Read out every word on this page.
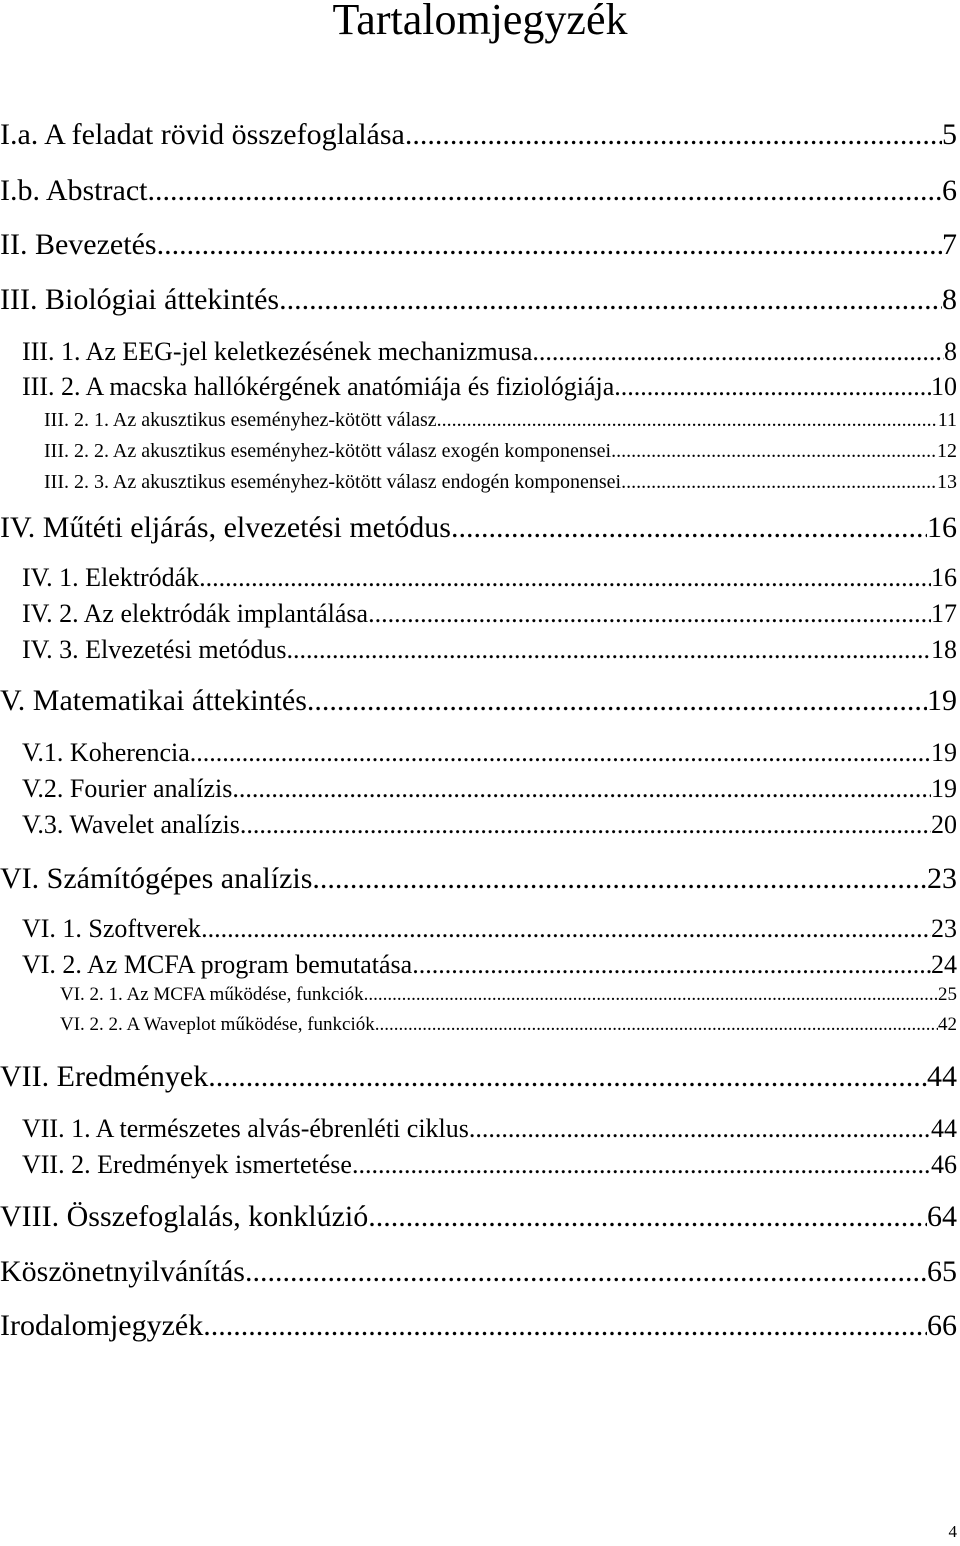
Tartalomjegyzék
I.a. A feladat rövid összefoglalása .....	5
I.b. Abstract .....	6
II. Bevezetés .....	7
III. Biológiai áttekintés .....	8
III. 1. Az EEG-jel keletkezésének mechanizmusa .....	8
III. 2. A macska hallókérgének anatómiája és fiziológiája .....	10
III. 2. 1. Az akusztikus eseményhez-kötött válasz .....	11
III. 2. 2. Az akusztikus eseményhez-kötött válasz exogén komponensei .....	12
III. 2. 3. Az akusztikus eseményhez-kötött válasz endogén komponensei .....	13
IV. Műtéti eljárás, elvezetési metódus .....	16
IV. 1. Elektródák .....	16
IV. 2. Az elektródák implantálása .....	17
IV. 3. Elvezetési metódus .....	18
V. Matematikai áttekintés .....	19
V.1. Koherencia .....	19
V.2. Fourier analízis .....	19
V.3. Wavelet analízis .....	20
VI. Számítógépes analízis .....	23
VI. 1. Szoftverek .....	23
VI. 2. Az MCFA program bemutatása .....	24
VI. 2. 1. Az MCFA működése, funkciók .....	25
VI. 2. 2. A Waveplot működése, funkciók .....	42
VII. Eredmények .....	44
VII. 1. A természetes alvás-ébrenléti ciklus .....	44
VII. 2. Eredmények ismertetése .....	46
VIII. Összefoglalás, konklúzió .....	64
Köszönetnyilvánítás .....	65
Irodalomjegyzék .....	66
4
